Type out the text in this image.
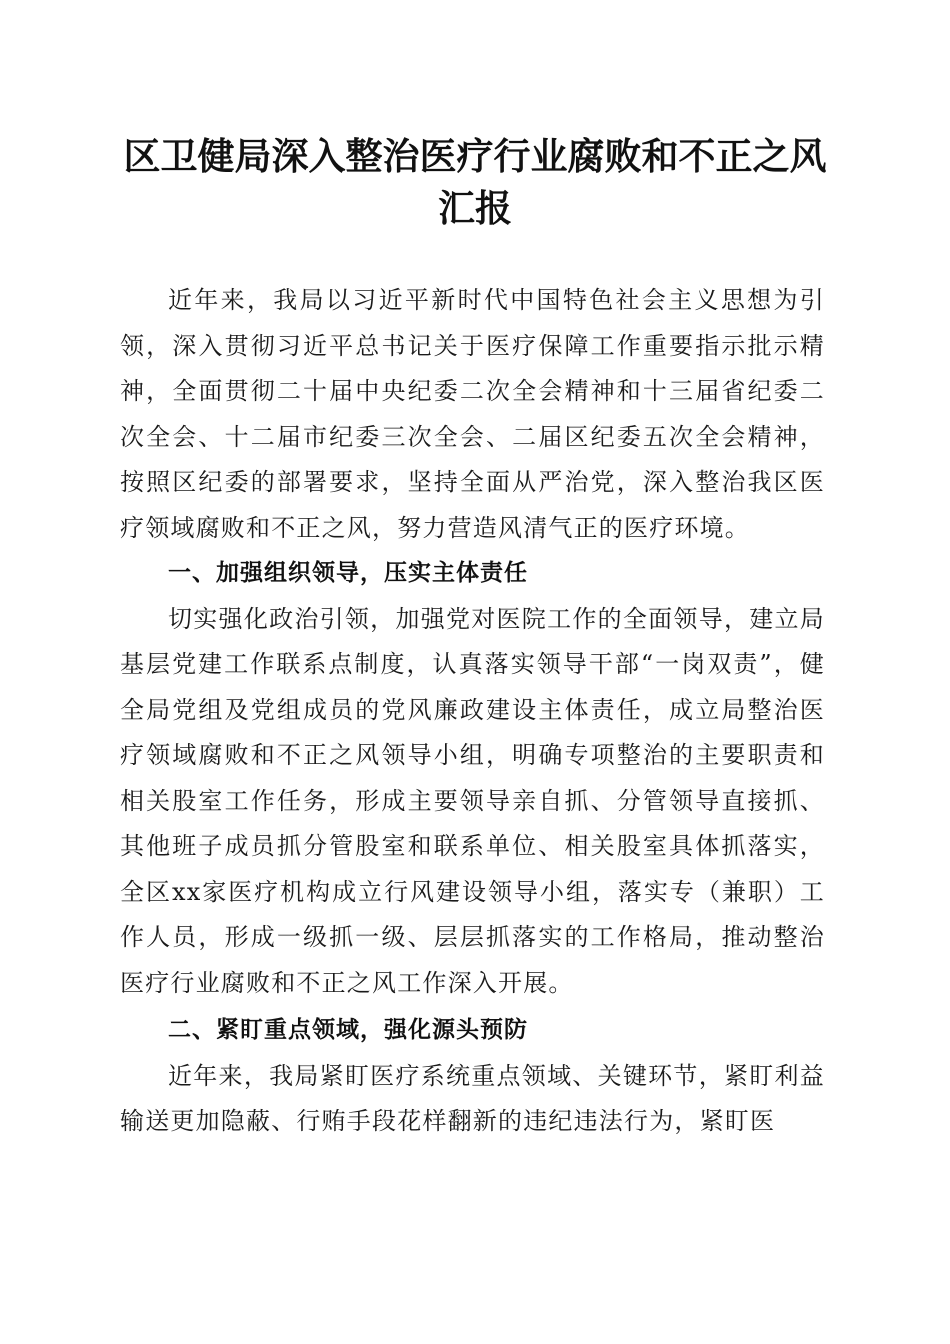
区卫健局深入整治医疗行业腐败和不正之风汇报

近年来，我局以习近平新时代中国特色社会主义思想为引领，深入贯彻习近平总书记关于医疗保障工作重要指示批示精神，全面贯彻二十届中央纪委二次全会精神和十三届省纪委二次全会、十二届市纪委三次全会、二届区纪委五次全会精神，按照区纪委的部署要求，坚持全面从严治党，深入整治我区医疗领域腐败和不正之风，努力营造风清气正的医疗环境。

一、加强组织领导，压实主体责任

切实强化政治引领，加强党对医院工作的全面领导，建立局基层党建工作联系点制度，认真落实领导干部“一岗双责”，健全局党组及党组成员的党风廉政建设主体责任，成立局整治医疗领域腐败和不正之风领导小组，明确专项整治的主要职责和相关股室工作任务，形成主要领导亲自抓、分管领导直接抓、其他班子成员抓分管股室和联系单位、相关股室具体抓落实，全区xx家医疗机构成立行风建设领导小组，落实专（兼职）工作人员，形成一级抓一级、层层抓落实的工作格局，推动整治医疗行业腐败和不正之风工作深入开展。

二、紧盯重点领域，强化源头预防

近年来，我局紧盯医疗系统重点领域、关键环节，紧盯利益输送更加隐蔽、行贿手段花样翻新的违纪违法行为，紧盯医
